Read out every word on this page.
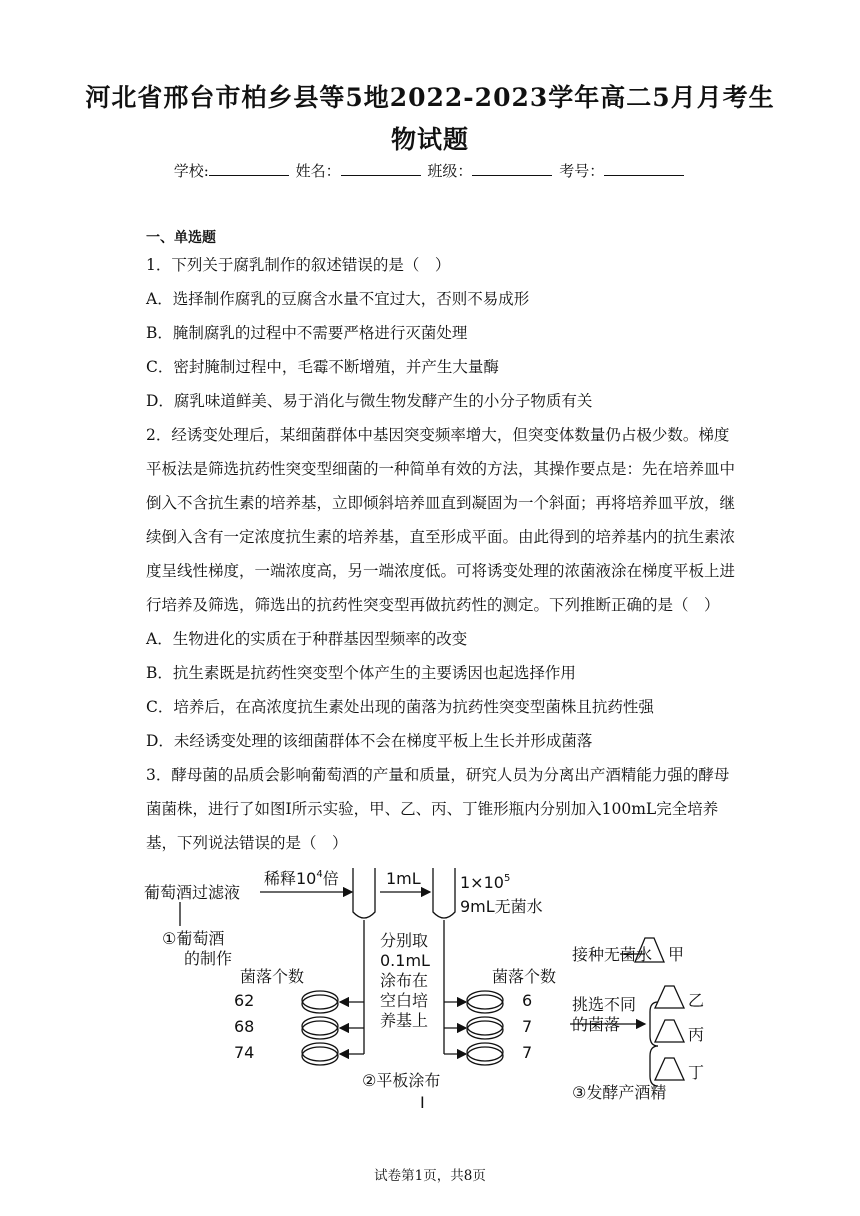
河北省邢台市柏乡县等5地2022-2023学年高二5月月考生
物试题
学校:	姓名：	班级：	考号：
一、单选题
1．下列关于腐乳制作的叙述错误的是（　）
A．选择制作腐乳的豆腐含水量不宜过大，否则不易成形
B．腌制腐乳的过程中不需要严格进行灭菌处理
C．密封腌制过程中，毛霉不断增殖，并产生大量酶
D．腐乳味道鲜美、易于消化与微生物发酵产生的小分子物质有关
2．经诱变处理后，某细菌群体中基因突变频率增大，但突变体数量仍占极少数。梯度
平板法是筛选抗药性突变型细菌的一种简单有效的方法，其操作要点是：先在培养皿中
倒入不含抗生素的培养基，立即倾斜培养皿直到凝固为一个斜面；再将培养皿平放，继
续倒入含有一定浓度抗生素的培养基，直至形成平面。由此得到的培养基内的抗生素浓
度呈线性梯度，一端浓度高，另一端浓度低。可将诱变处理的浓菌液涂在梯度平板上进
行培养及筛选，筛选出的抗药性突变型再做抗药性的测定。下列推断正确的是（　）
A．生物进化的实质在于种群基因型频率的改变
B．抗生素既是抗药性突变型个体产生的主要诱因也起选择作用
C．培养后，在高浓度抗生素处出现的菌落为抗药性突变型菌株且抗药性强
D．未经诱变处理的该细菌群体不会在梯度平板上生长并形成菌落
3．酵母菌的品质会影响葡萄酒的产量和质量，研究人员为分离出产酒精能力强的酵母
菌菌株，进行了如图Ⅰ所示实验，甲、乙、丙、丁锥形瓶内分别加入100mL完全培养
基，下列说法错误的是（　）
葡萄酒过滤液
稀释$10^4$倍	1mL $1\times 10^5$
9mL无菌水
①葡萄酒
的制作
分别取
0.1mL
涂布在
空白培
养基上
菌落个数	菌落个数
62
68
74
6
7
7
②平板涂布
Ⅰ
接种无菌水 甲
挑选不同
的菌落
乙
丙
丁
③发酵产酒精
试卷第1页，共8页
